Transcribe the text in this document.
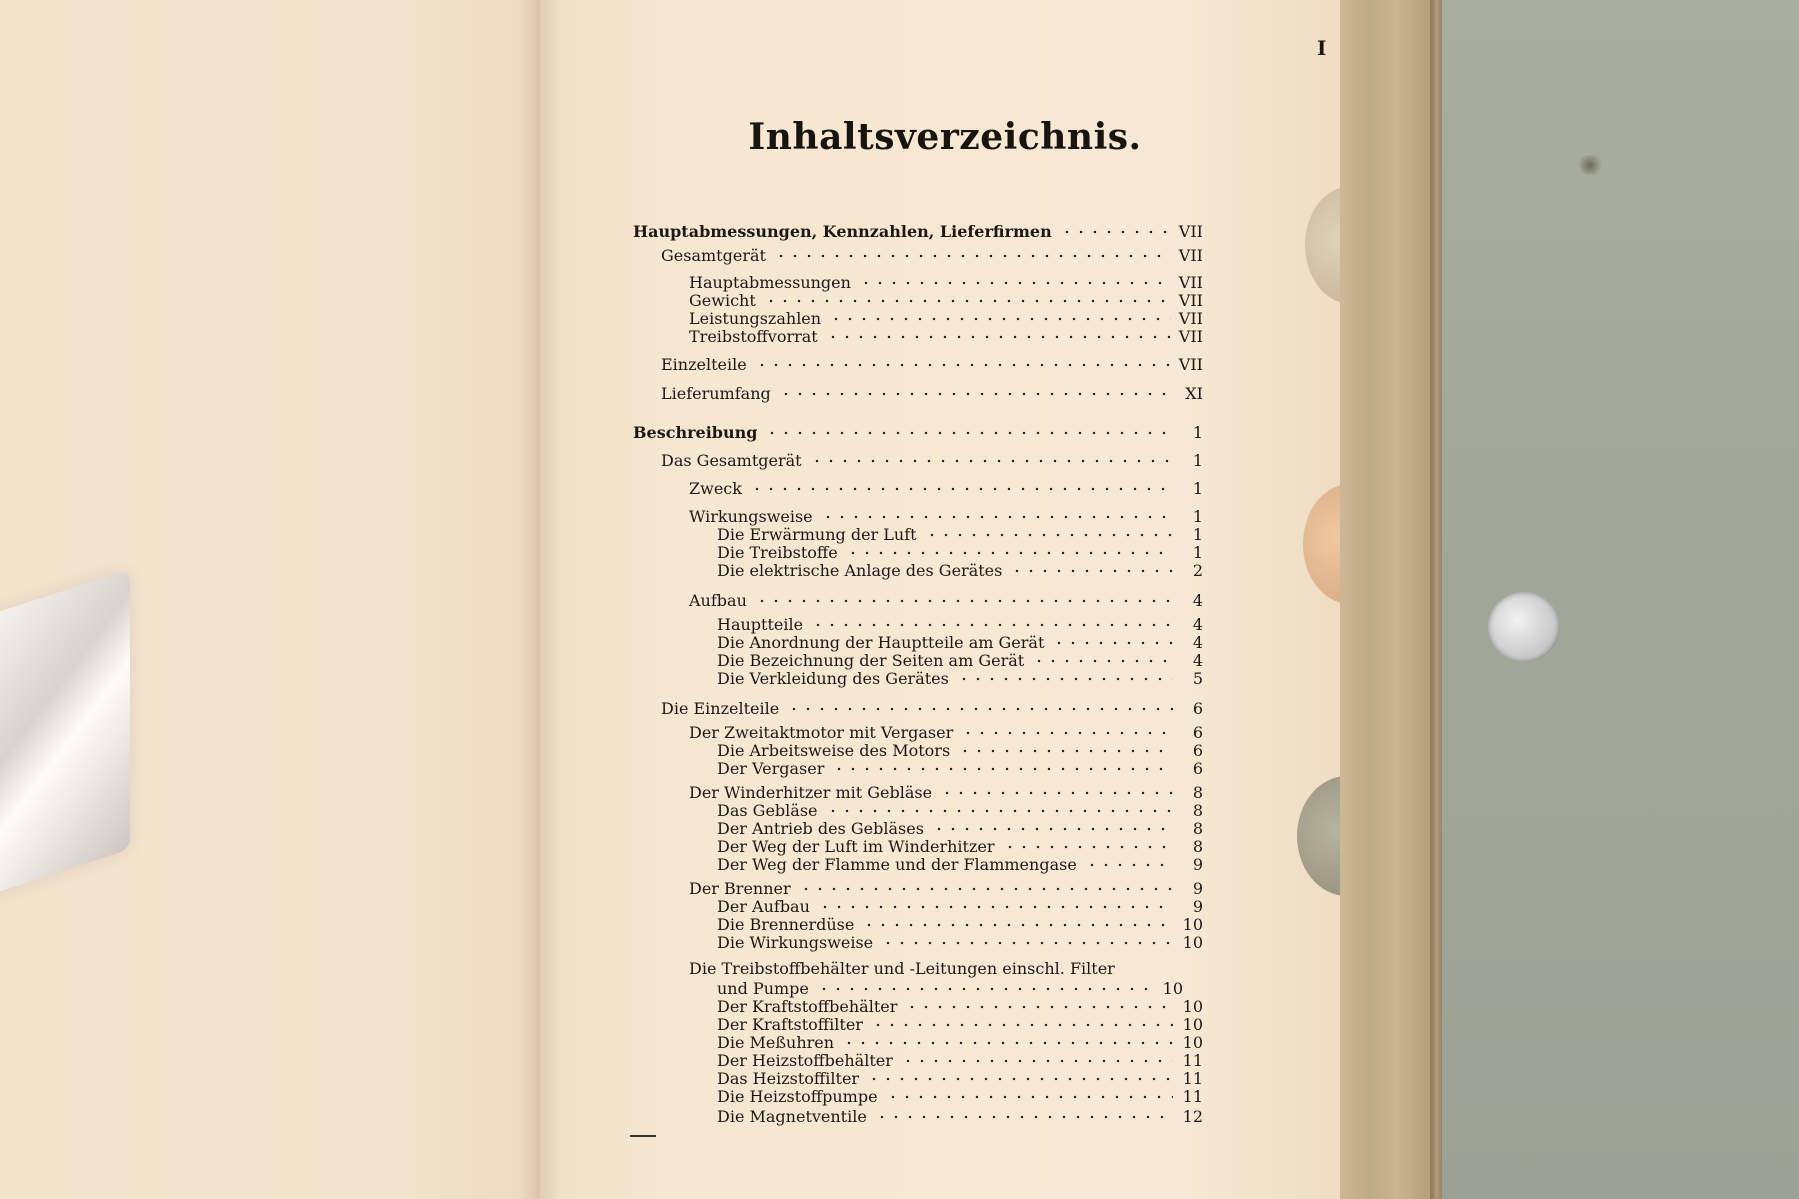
I
Inhaltsverzeichnis.
Hauptabmessungen, Kennzahlen, Lieferfirmen	VII
Gesamtgerät	VII
Hauptabmessungen	VII
Gewicht	VII
Leistungszahlen	VII
Treibstoffvorrat	VII
Einzelteile	VII
Lieferumfang	XI
Beschreibung	1
Das Gesamtgerät	1
Zweck	1
Wirkungsweise	1
Die Erwärmung der Luft	1
Die Treibstoffe	1
Die elektrische Anlage des Gerätes	2
Aufbau	4
Hauptteile	4
Die Anordnung der Hauptteile am Gerät	4
Die Bezeichnung der Seiten am Gerät	4
Die Verkleidung des Gerätes	5
Die Einzelteile	6
Der Zweitaktmotor mit Vergaser	6
Die Arbeitsweise des Motors	6
Der Vergaser	6
Der Winderhitzer mit Gebläse	8
Das Gebläse	8
Der Antrieb des Gebläses	8
Der Weg der Luft im Winderhitzer	8
Der Weg der Flamme und der Flammengase	9
Der Brenner	9
Der Aufbau	9
Die Brennerdüse	10
Die Wirkungsweise	10
Die Treibstoffbehälter und -Leitungen einschl. Filter
und Pumpe	10
Der Kraftstoffbehälter	10
Der Kraftstoffilter	10
Die Meßuhren	10
Der Heizstoffbehälter	11
Das Heizstoffilter	11
Die Heizstoffpumpe	11
Die Magnetventile	12
